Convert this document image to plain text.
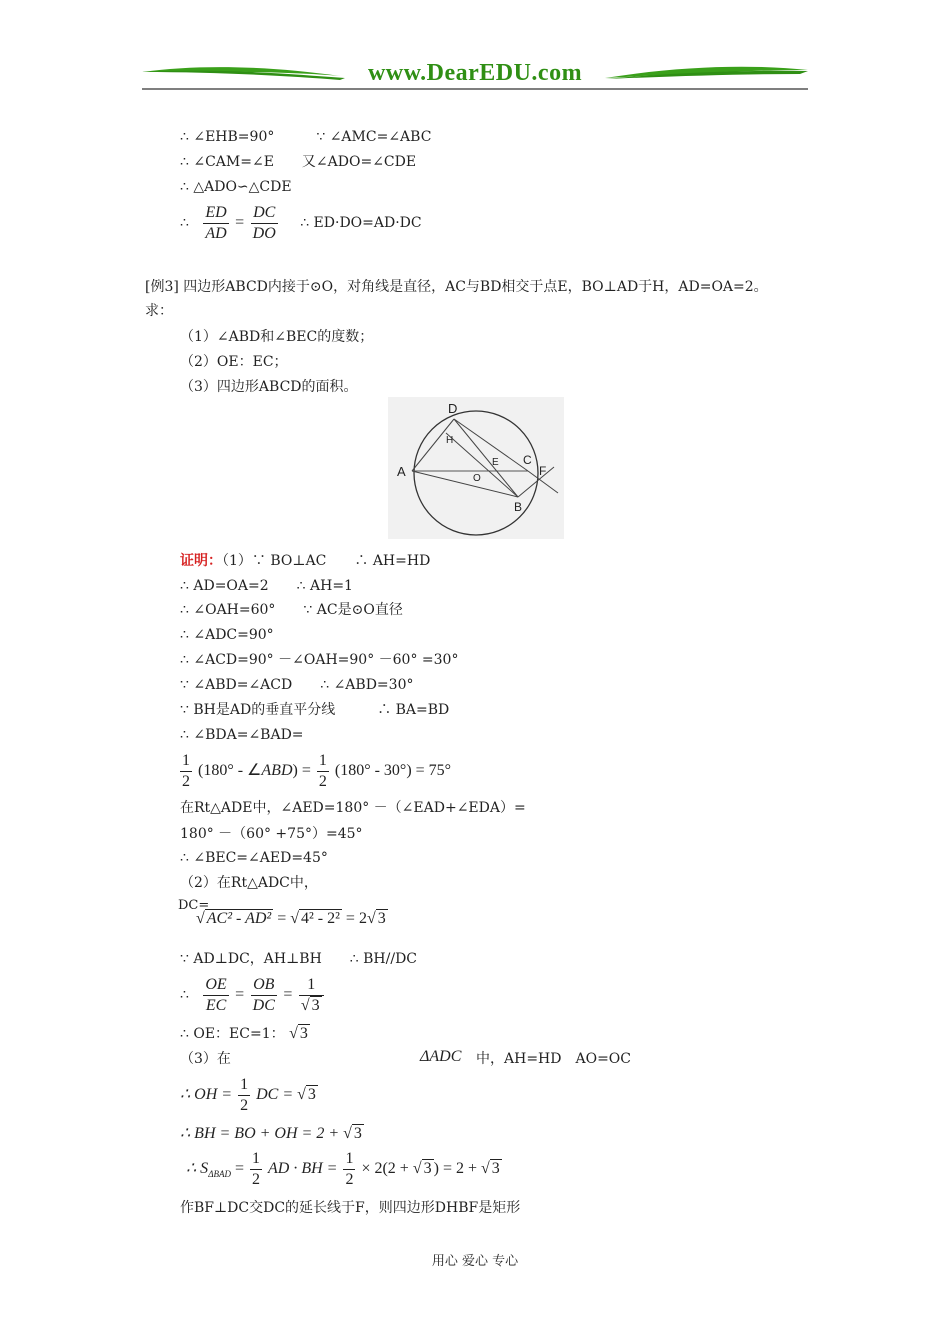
www.DearEDU.com
∴ ∠EHB=90°　　　∵ ∠AMC=∠ABC
∴ ∠CAM=∠E　　又∠ADO=∠CDE
∴ △ADO∽△CDE
∴ $\frac{ED}{AD} = \frac{DC}{DO}$ ∴ ED·DO=AD·DC
[例3] 四边形ABCD内接于⊙O，对角线是直径，AC与BD相交于点E，BO⊥AD于H，AD=OA=2。
求：
（1）∠ABD和∠BEC的度数；
（2）OE：EC；
（3）四边形ABCD的面积。
D
H
A	O
E C
F
B
证明：（1）∵ BO⊥AC　　∴ AH=HD
∴ AD=OA=2　　∴ AH=1
∴ ∠OAH=60°　　∵ AC是⊙O直径
∴ ∠ADC=90°
∴ ∠ACD=90° －∠OAH=90° －60° =30°
∵ ∠ABD=∠ACD　　∴ ∠ABD=30°
∵ BH是AD的垂直平分线　　　∴ BA=BD
∴ ∠BDA=∠BAD=
$\frac{1}{2} (180^\circ$ - ∠ABD) = $\frac{1}{2} (180^\circ - 30^\circ) = 75^\circ$
在Rt△ADE中，∠AED=180° －（∠EAD+∠EDA）=
180° －（60° +75°）=45°
∴ ∠BEC=∠AED=45°
（2）在Rt△ADC中，
DC=
√ AC² - AD² = √ 4² - 2² = 2√ 3
∵ AD⊥DC，AH⊥BH　　∴ BH//DC
∴ $\frac{OE}{EC} = \frac{OB}{DC} = \frac{1}{√ 3}$
∴ OE：EC=1： √ 3
（3）在	ΔADC 中，AH=HD　AO=OC
∴ OH = $\frac{1}{2}$ DC = √ 3
∴ BH = BO + OH = 2 + √ 3
∴ $S_{\Delta BAD} = \frac{1}{2}$ AD · BH = $\frac{1}{2} \times 2(2$ + √ 3 ) = 2 + √ 3
作BF⊥DC交DC的延长线于F，则四边形DHBF是矩形
用心 爱心 专心
